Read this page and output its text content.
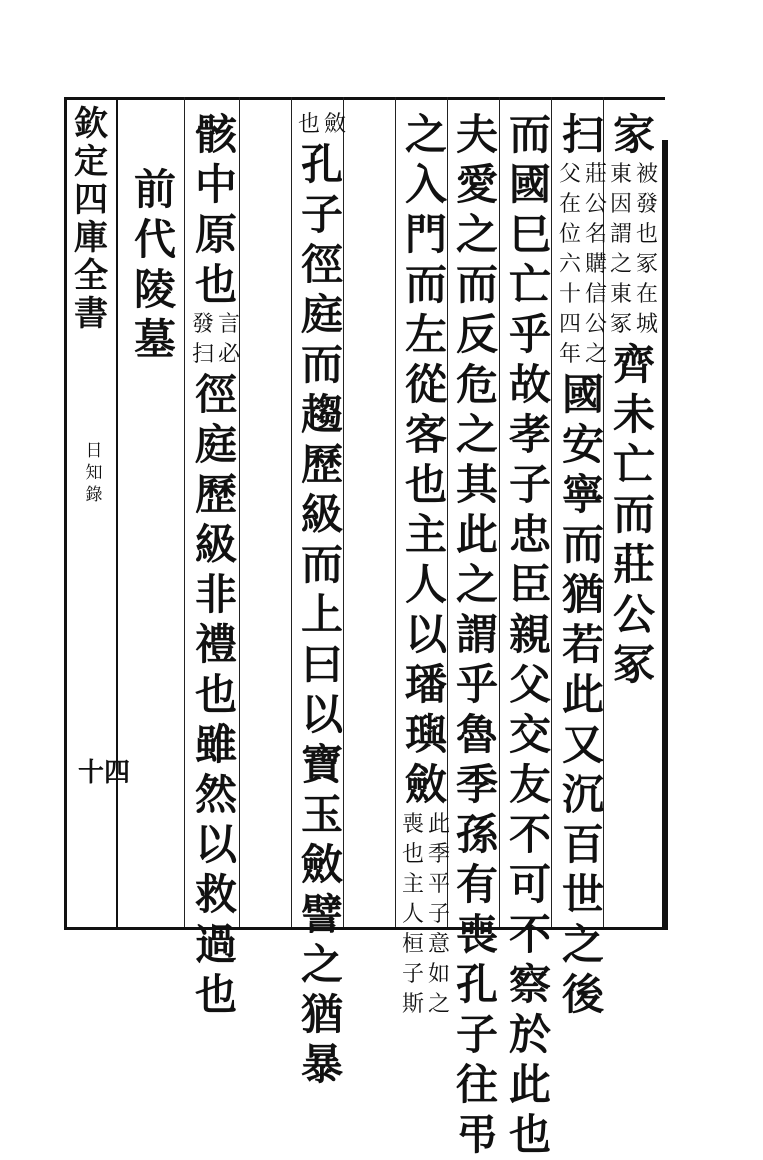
欽
定
四
庫
全
書
日
知
錄
十四
家
被
發
也
冢
在
城
東
因
謂
之
東
冢
齊
未
亡
而
莊
公
冢
扫
莊
公
名
購
信
公
之
父
在
位
六
十
四
年
國
安
寧
而
猶
若
此
又
沉
百
世
之
後
而
國
巳
亡
乎
故
孝
子
忠
臣
親
父
交
友
不
可
不
察
於
此
也
夫
愛
之
而
反
危
之
其
此
之
謂
乎
魯
季
孫
有
喪
孔
子
往
弔
之
入
門
而
左
從
客
也
主
人
以
璠
璵
斂
此
季
平
子
意
如
之
喪
也
主
人
桓
子
斯
斂
也
孔
子
徑
庭
而
趨
歷
級
而
上
曰
以
寶
玉
斂
譬
之
猶
暴
骸
中
原
也
言
必
發
扫
徑
庭
歷
級
非
禮
也
雖
然
以
救
過
也
前
代
陵
墓
